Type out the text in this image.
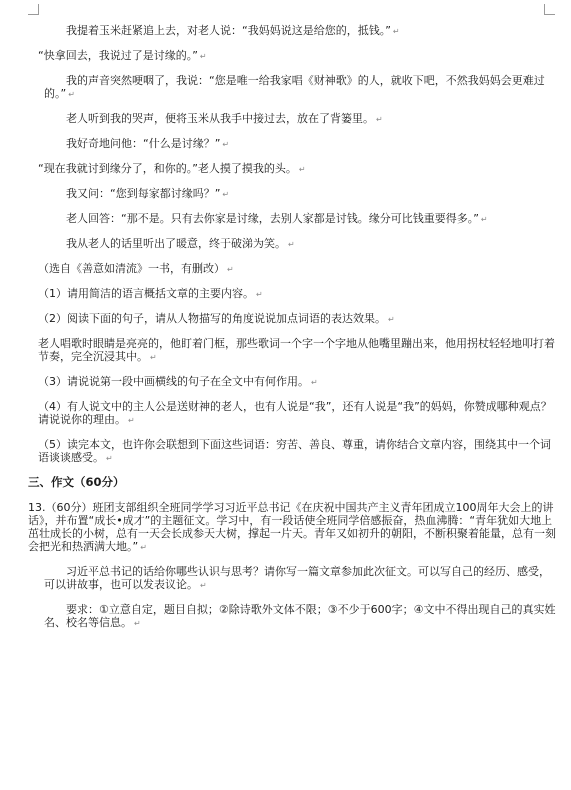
我提着玉米赶紧追上去，对老人说：“我妈妈说这是给您的，抵钱。” ↵

“快拿回去，我说过了是讨缘的。” ↵

我的声音突然哽咽了，我说：“您是唯一给我家唱《财神歌》的人，就收下吧，不然我妈妈会更难过的。” ↵

老人听到我的哭声，便将玉米从我手中接过去，放在了背篓里。 ↵

我好奇地问他：“什么是讨缘？” ↵

“现在我就讨到缘分了，和你的。”老人摸了摸我的头。 ↵

我又问：“您到每家都讨缘吗？” ↵

老人回答：“那不是。只有去你家是讨缘，去别人家都是讨钱。缘分可比钱重要得多。” ↵

我从老人的话里听出了暖意，终于破涕为笑。 ↵

（选自《善意如清流》一书，有删改） ↵

（1）请用简洁的语言概括文章的主要内容。 ↵

（2）阅读下面的句子，请从人物描写的角度说说加点词语的表达效果。 ↵

老人唱歌时眼睛是亮亮的，他盯着门框，那些歌词一个字一个字地从他嘴里蹦出来，他用拐杖轻轻地叩打着节奏，完全沉浸其中。 ↵

（3）请说说第一段中画横线的句子在全文中有何作用。 ↵

（4）有人说文中的主人公是送财神的老人，也有人说是“我”，还有人说是“我”的妈妈，你赞成哪种观点？请说说你的理由。 ↵

（5）读完本文，也许你会联想到下面这些词语：穷苦、善良、尊重，请你结合文章内容，围绕其中一个词语谈谈感受。 ↵

三、作文（60分）

13.（60分）班团支部组织全班同学学习习近平总书记《在庆祝中国共产主义青年团成立100周年大会上的讲话》，并布置“成长•成才”的主题征文。学习中，有一段话使全班同学倍感振奋，热血沸腾：“青年犹如大地上茁壮成长的小树，总有一天会长成参天大树，撑起一片天。青年又如初升的朝阳，不断积聚着能量，总有一刻会把光和热洒满大地。” ↵

习近平总书记的话给你哪些认识与思考？请你写一篇文章参加此次征文。可以写自己的经历、感受，可以讲故事，也可以发表议论。 ↵

要求：①立意自定，题目自拟；②除诗歌外文体不限；③不少于600字；④文中不得出现自己的真实姓名、校名等信息。 ↵
